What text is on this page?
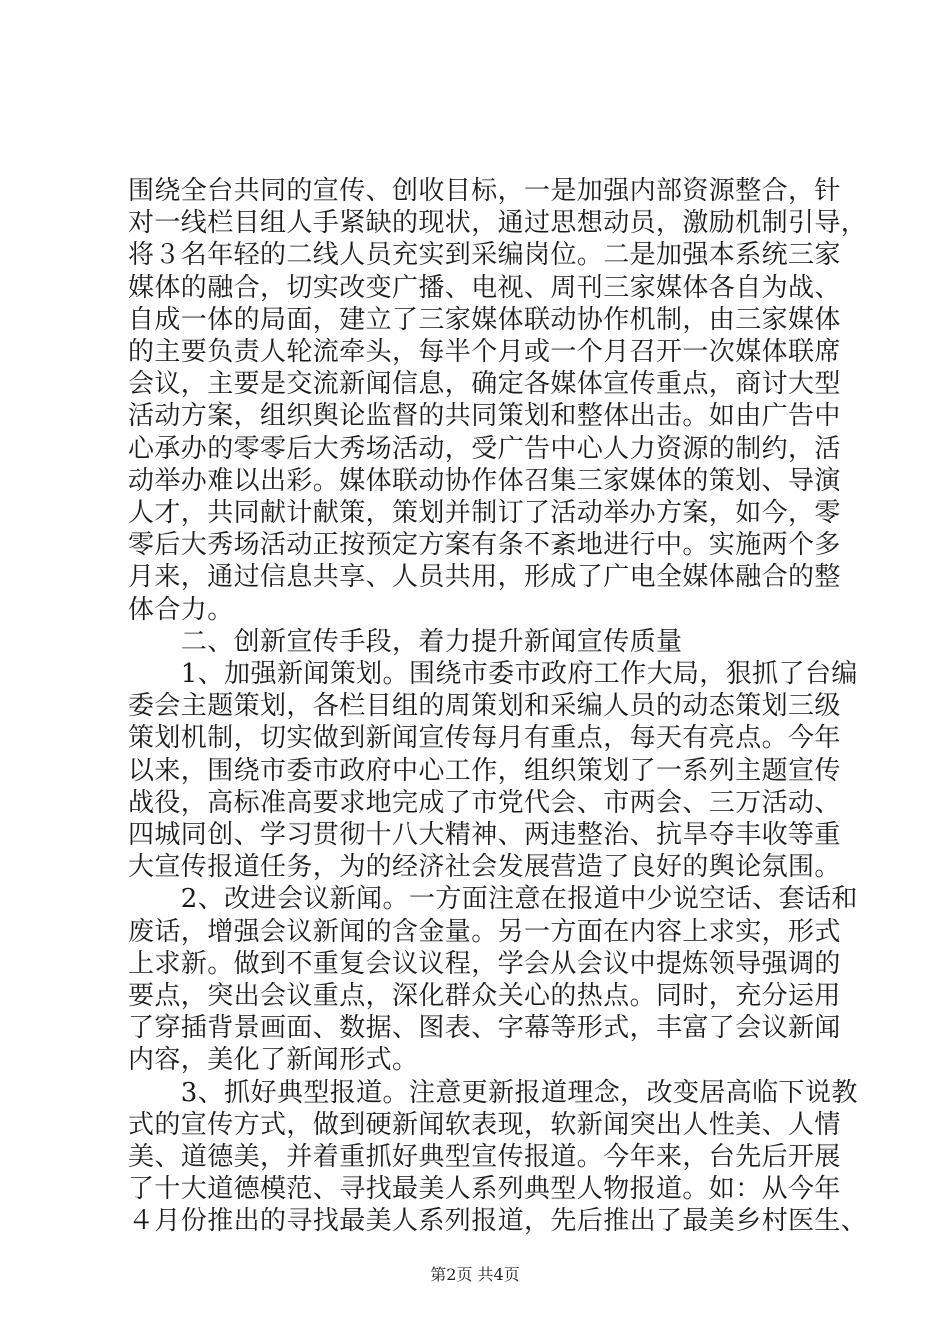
围绕全台共同的宣传、创收目标，一是加强内部资源整合，针
对一线栏目组人手紧缺的现状，通过思想动员，激励机制引导，
将３名年轻的二线人员充实到采编岗位。二是加强本系统三家
媒体的融合，切实改变广播、电视、周刊三家媒体各自为战、
自成一体的局面，建立了三家媒体联动协作机制，由三家媒体
的主要负责人轮流牵头，每半个月或一个月召开一次媒体联席
会议，主要是交流新闻信息，确定各媒体宣传重点，商讨大型
活动方案，组织舆论监督的共同策划和整体出击。如由广告中
心承办的零零后大秀场活动，受广告中心人力资源的制约，活
动举办难以出彩。媒体联动协作体召集三家媒体的策划、导演
人才，共同献计献策，策划并制订了活动举办方案，如今，零
零后大秀场活动正按预定方案有条不紊地进行中。实施两个多
月来，通过信息共享、人员共用，形成了广电全媒体融合的整
体合力。
　　二、创新宣传手段，着力提升新闻宣传质量
　　1、加强新闻策划。围绕市委市政府工作大局，狠抓了台编
委会主题策划，各栏目组的周策划和采编人员的动态策划三级
策划机制，切实做到新闻宣传每月有重点，每天有亮点。今年
以来，围绕市委市政府中心工作，组织策划了一系列主题宣传
战役，高标准高要求地完成了市党代会、市两会、三万活动、
四城同创、学习贯彻十八大精神、两违整治、抗旱夺丰收等重
大宣传报道任务，为的经济社会发展营造了良好的舆论氛围。
　　2、改进会议新闻。一方面注意在报道中少说空话、套话和
废话，增强会议新闻的含金量。另一方面在内容上求实，形式
上求新。做到不重复会议议程，学会从会议中提炼领导强调的
要点，突出会议重点，深化群众关心的热点。同时，充分运用
了穿插背景画面、数据、图表、字幕等形式，丰富了会议新闻
内容，美化了新闻形式。
　　3、抓好典型报道。注意更新报道理念，改变居高临下说教
式的宣传方式，做到硬新闻软表现，软新闻突出人性美、人情
美、道德美，并着重抓好典型宣传报道。今年来，台先后开展
了十大道德模范、寻找最美人系列典型人物报道。如：从今年
４月份推出的寻找最美人系列报道，先后推出了最美乡村医生、
第2页 共4页
